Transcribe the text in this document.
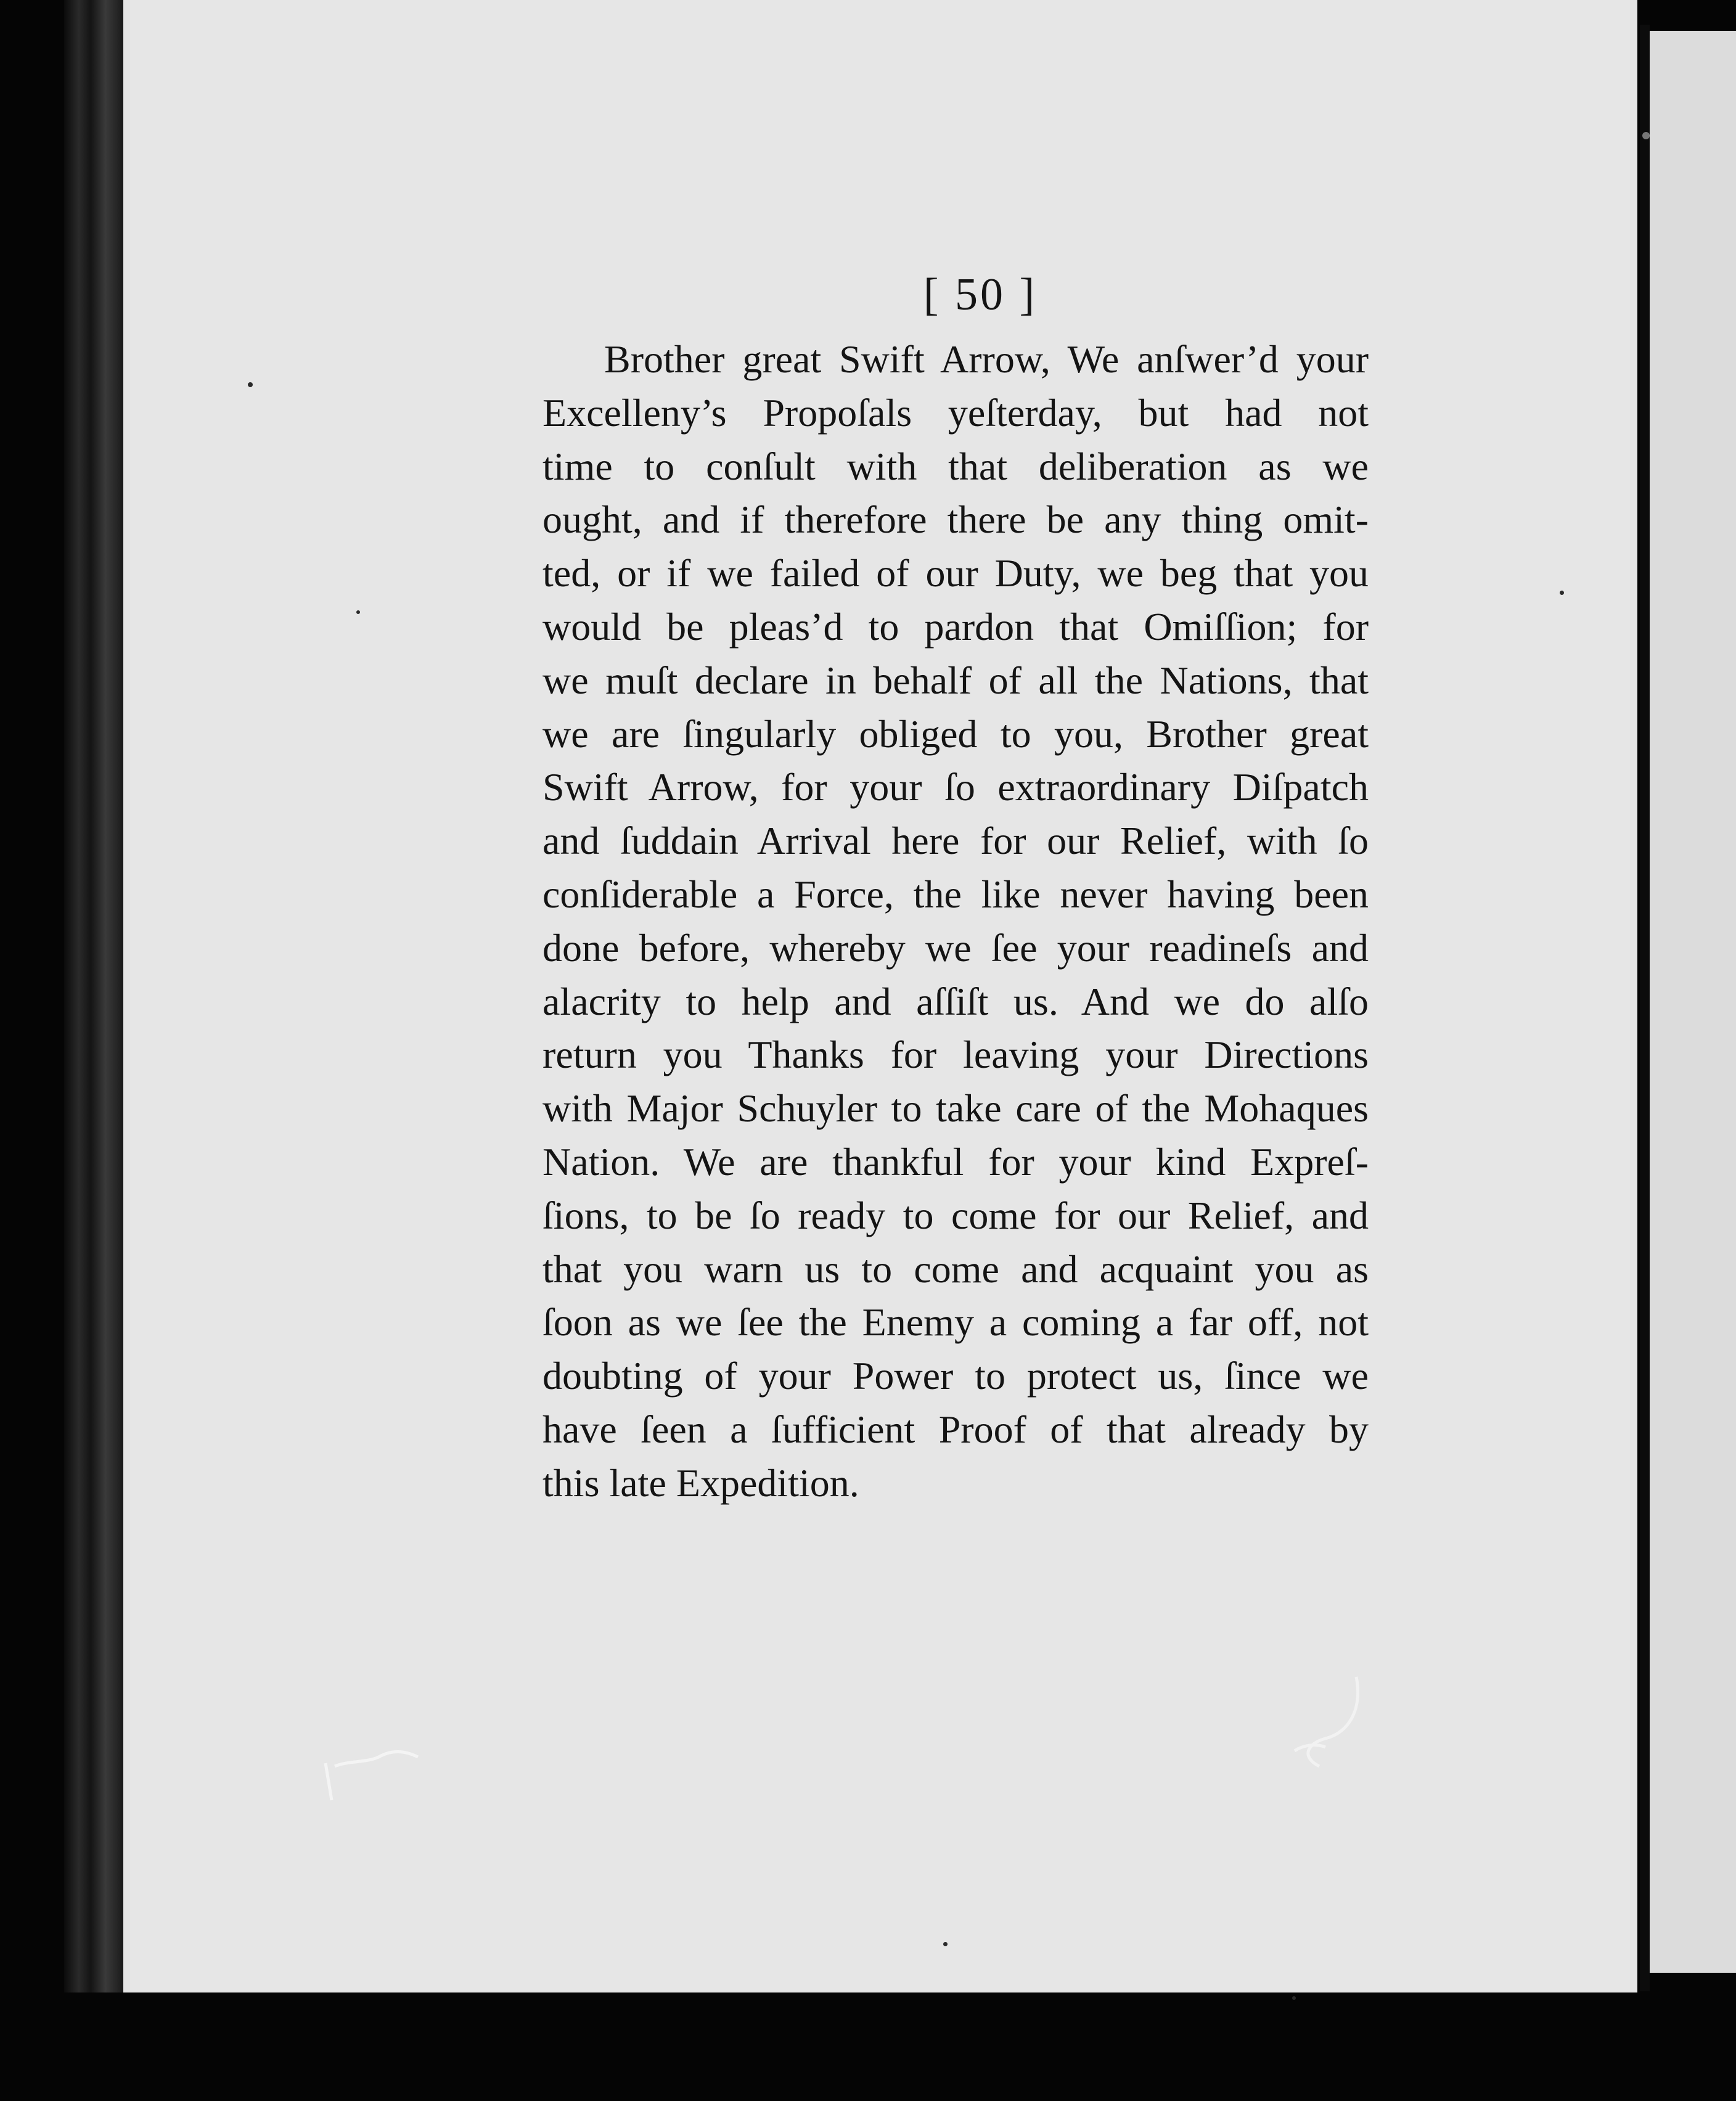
[ 50 ]
Brother great Swift Arrow, We anſwer’d your
Excelleny’s Propoſals yeſterday, but had not
time to conſult with that deliberation as we
ought, and if therefore there be any thing omit-
ted, or if we failed of our Duty, we beg that you
would be pleas’d to pardon that Omiſſion; for
we muſt declare in behalf of all the Nations, that
we are ſingularly obliged to you, Brother great
Swift Arrow, for your ſo extraordinary Diſpatch
and ſuddain Arrival here for our Relief, with ſo
conſiderable a Force, the like never having been
done before, whereby we ſee your readineſs and
alacrity to help and aſſiſt us. And we do alſo
return you Thanks for leaving your Directions
with Major Schuyler to take care of the Mohaques
Nation. We are thankful for your kind Expreſ-
ſions, to be ſo ready to come for our Relief, and
that you warn us to come and acquaint you as
ſoon as we ſee the Enemy a coming a far off, not
doubting of your Power to protect us, ſince we
have ſeen a ſufficient Proof of that already by
this late Expedition.
